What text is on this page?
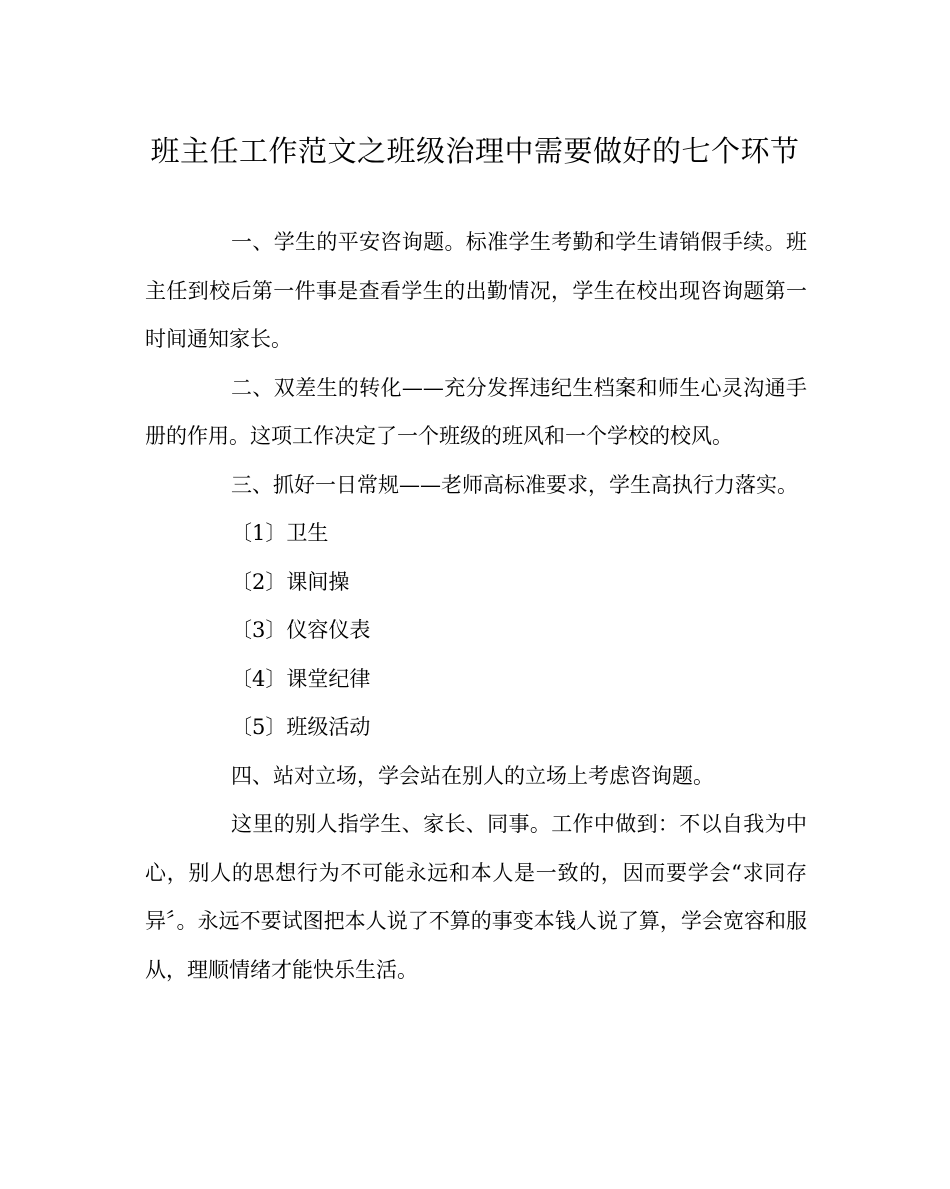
班主任工作范文之班级治理中需要做好的七个环节

一、学生的平安咨询题。标准学生考勤和学生请销假手续。班主任到校后第一件事是查看学生的出勤情况，学生在校出现咨询题第一时间通知家长。

二、双差生的转化——充分发挥违纪生档案和师生心灵沟通手册的作用。这项工作决定了一个班级的班风和一个学校的校风。

三、抓好一日常规——老师高标准要求，学生高执行力落实。

〔1〕卫生

〔2〕课间操

〔3〕仪容仪表

〔4〕课堂纪律

〔5〕班级活动

四、站对立场，学会站在别人的立场上考虑咨询题。

这里的别人指学生、家长、同事。工作中做到：不以自我为中心，别人的思想行为不可能永远和本人是一致的，因而要学会“求同存异〞。永远不要试图把本人说了不算的事变本钱人说了算，学会宽容和服从，理顺情绪才能快乐生活。
